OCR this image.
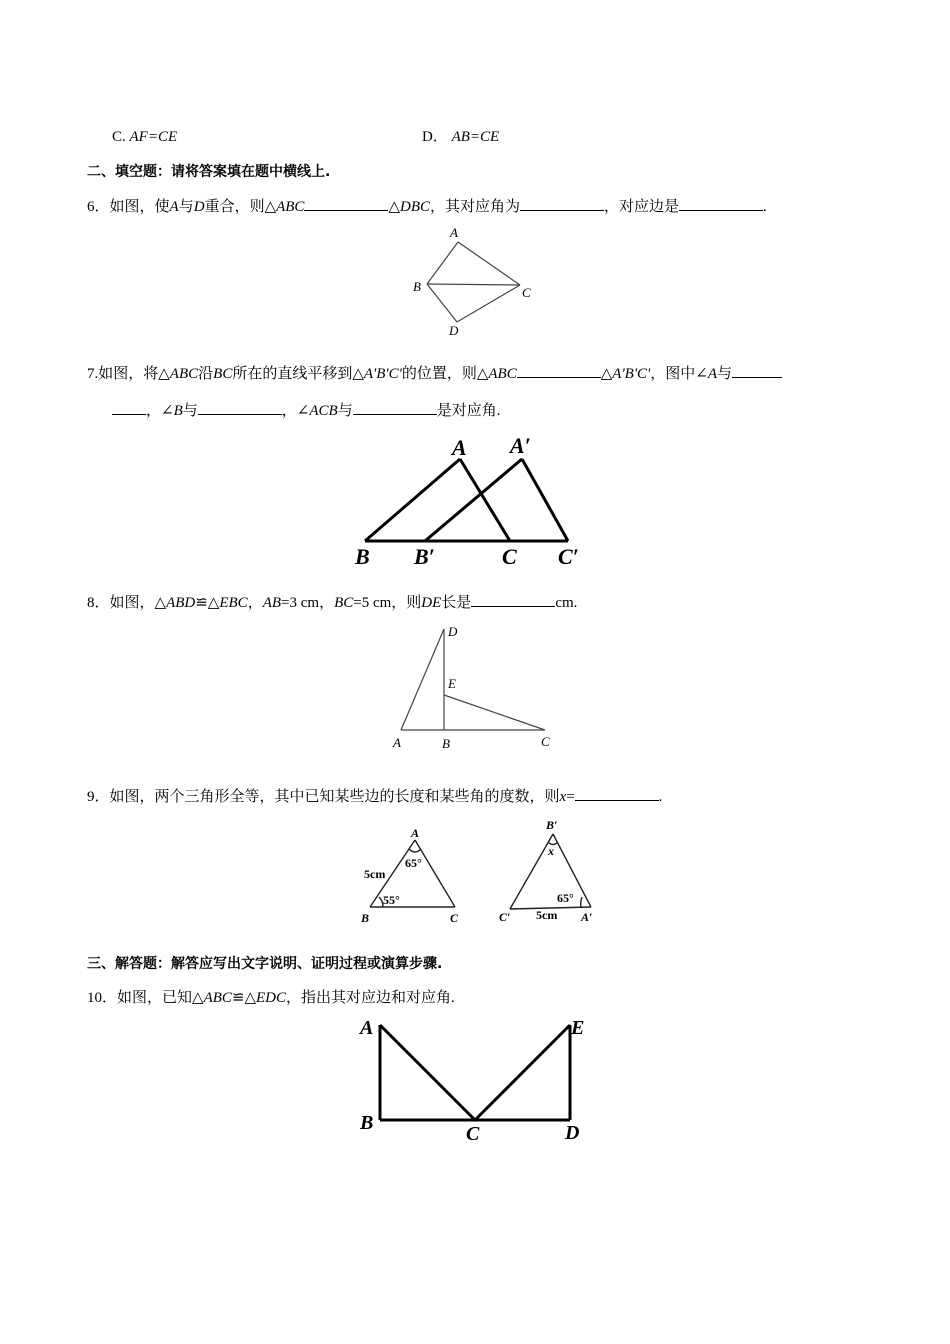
C. AF=CE	D． AB=CE
二、填空题：请将答案填在题中横线上.
6．如图，使A与D重合，则△ABC	△DBC，其对应角为	，对应边是	.
A
B	C
D
7.如图，将△ABC沿BC所在的直线平移到△A'B'C'的位置，则△ABC	△A'B'C'，图中∠A与
，∠B与	，∠ACB与	是对应角.
A A′
B B′	C C′
8．如图，△ABD≌△EBC，AB=3 cm，BC=5 cm，则DE长是	cm.
A	B	C
D
E
9．如图，两个三角形全等，其中已知某些边的长度和某些角的度数，则x=	.
A
B	C
5cm
65°
55°
B′
C′	A′
5cm
65°
x
三、解答题：解答应写出文字说明、证明过程或演算步骤.
10．如图，已知△ABC≌△EDC，指出其对应边和对应角.
A
B	C	D
E
